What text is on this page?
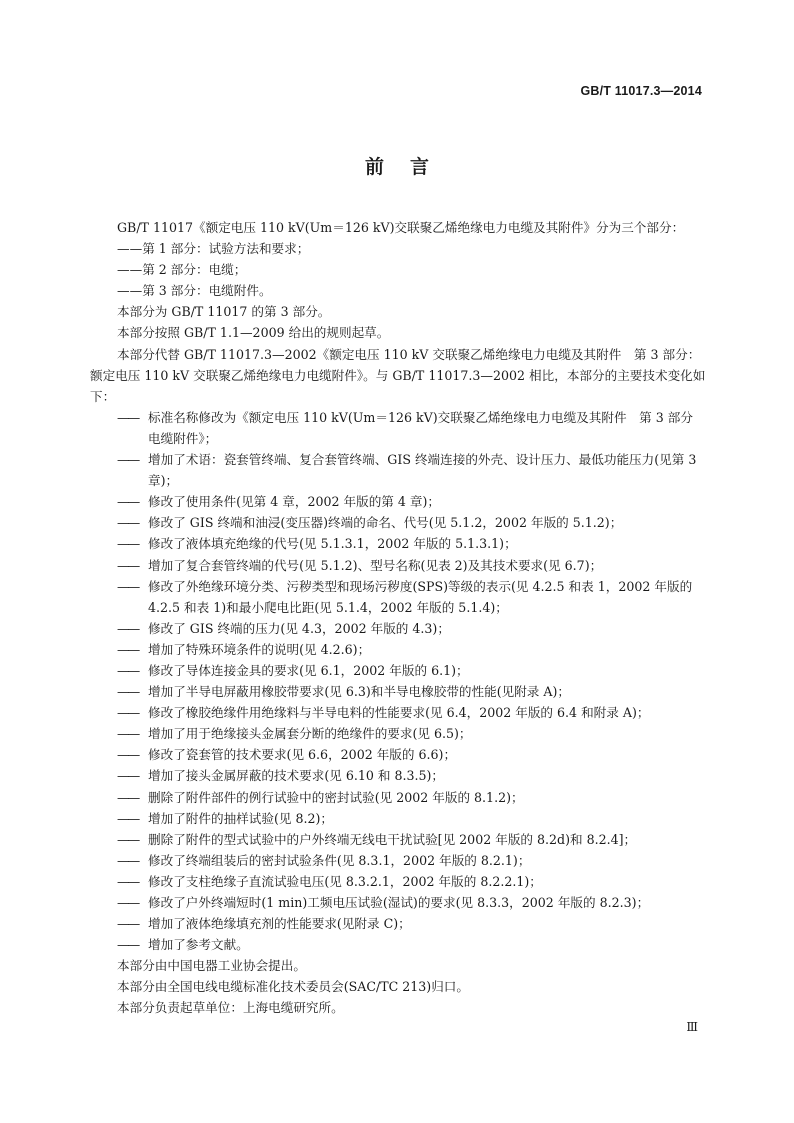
GB/T 11017.3—2014
前言

GB/T 11017《额定电压 110 kV(Um＝126 kV)交联聚乙烯绝缘电力电缆及其附件》分为三个部分：

——第 1 部分：试验方法和要求；

——第 2 部分：电缆；

——第 3 部分：电缆附件。

本部分为 GB/T 11017 的第 3 部分。

本部分按照 GB/T 1.1—2009 给出的规则起草。

本部分代替 GB/T 11017.3—2002《额定电压 110 kV 交联聚乙烯绝缘电力电缆及其附件　第 3 部分：额定电压 110 kV 交联聚乙烯绝缘电力电缆附件》。与 GB/T 11017.3—2002 相比，本部分的主要技术变化如下：

—— 标准名称修改为《额定电压 110 kV(Um＝126 kV)交联聚乙烯绝缘电力电缆及其附件　第 3 部分　电缆附件》；

—— 增加了术语：瓷套管终端、复合套管终端、GIS 终端连接的外壳、设计压力、最低功能压力(见第 3 章)；

—— 修改了使用条件(见第 4 章，2002 年版的第 4 章)；

—— 修改了 GIS 终端和油浸(变压器)终端的命名、代号(见 5.1.2，2002 年版的 5.1.2)；

—— 修改了液体填充绝缘的代号(见 5.1.3.1，2002 年版的 5.1.3.1)；

—— 增加了复合套管终端的代号(见 5.1.2)、型号名称(见表 2)及其技术要求(见 6.7)；

—— 修改了外绝缘环境分类、污秽类型和现场污秽度(SPS)等级的表示(见 4.2.5 和表 1，2002 年版的 4.2.5 和表 1)和最小爬电比距(见 5.1.4，2002 年版的 5.1.4)；

—— 修改了 GIS 终端的压力(见 4.3，2002 年版的 4.3)；

—— 增加了特殊环境条件的说明(见 4.2.6)；

—— 修改了导体连接金具的要求(见 6.1，2002 年版的 6.1)；

—— 增加了半导电屏蔽用橡胶带要求(见 6.3)和半导电橡胶带的性能(见附录 A)；

—— 修改了橡胶绝缘件用绝缘料与半导电料的性能要求(见 6.4，2002 年版的 6.4 和附录 A)；

—— 增加了用于绝缘接头金属套分断的绝缘件的要求(见 6.5)；

—— 修改了瓷套管的技术要求(见 6.6，2002 年版的 6.6)；

—— 增加了接头金属屏蔽的技术要求(见 6.10 和 8.3.5)；

—— 删除了附件部件的例行试验中的密封试验(见 2002 年版的 8.1.2)；

—— 增加了附件的抽样试验(见 8.2)；

—— 删除了附件的型式试验中的户外终端无线电干扰试验[见 2002 年版的 8.2d)和 8.2.4]；

—— 修改了终端组装后的密封试验条件(见 8.3.1，2002 年版的 8.2.1)；

—— 修改了支柱绝缘子直流试验电压(见 8.3.2.1，2002 年版的 8.2.2.1)；

—— 修改了户外终端短时(1 min)工频电压试验(湿试)的要求(见 8.3.3，2002 年版的 8.2.3)；

—— 增加了液体绝缘填充剂的性能要求(见附录 C)；

—— 增加了参考文献。

本部分由中国电器工业协会提出。

本部分由全国电线电缆标准化技术委员会(SAC/TC 213)归口。

本部分负责起草单位：上海电缆研究所。

Ⅲ
